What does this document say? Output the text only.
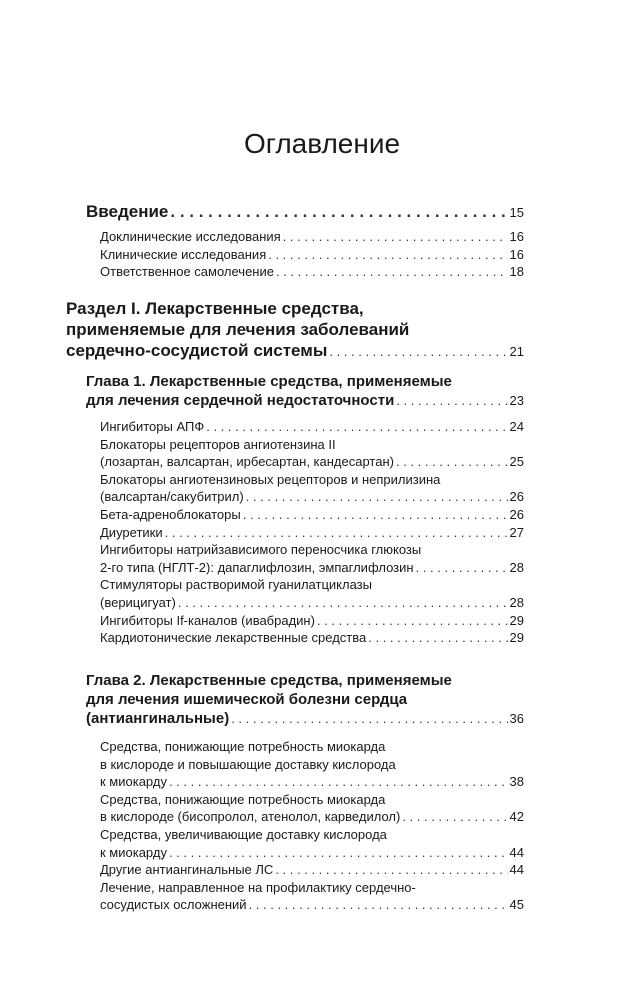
Оглавление
Введение . . .	15
Доклинические исследования . . .	16
Клинические исследования . . .	16
Ответственное самолечение . . .	18
Раздел I. Лекарственные средства,
применяемые для лечения заболеваний
сердечно-сосудистой системы . . .	21
Глава 1. Лекарственные средства, применяемые
для лечения сердечной недостаточности . . .	23
Ингибиторы АПФ . . .	24
Блокаторы рецепторов ангиотензина II
(лозартан, валсартан, ирбесартан, кандесартан) . . .	25
Блокаторы ангиотензиновых рецепторов и неприлизина
(валсартан/сакубитрил) . . .	26
Бета-адреноблокаторы . . .	26
Диуретики . . .	27
Ингибиторы натрийзависимого переносчика глюкозы
2-го типа (НГЛТ-2): дапаглифлозин, эмпаглифлозин . . .	28
Стимуляторы растворимой гуанилатциклазы
(верицигуат) . . .	28
Ингибиторы If-каналов (ивабрадин) . . .	29
Кардиотонические лекарственные средства . . .	29
Глава 2. Лекарственные средства, применяемые
для лечения ишемической болезни сердца
(антиангинальные) . . .	36
Средства, понижающие потребность миокарда
в кислороде и повышающие доставку кислорода
к миокарду . . .	38
Средства, понижающие потребность миокарда
в кислороде (бисопролол, атенолол, карведилол) . . .	42
Средства, увеличивающие доставку кислорода
к миокарду . . .	44
Другие антиангинальные ЛС . . .	44
Лечение, направленное на профилактику сердечно-
сосудистых осложнений . . .	45
